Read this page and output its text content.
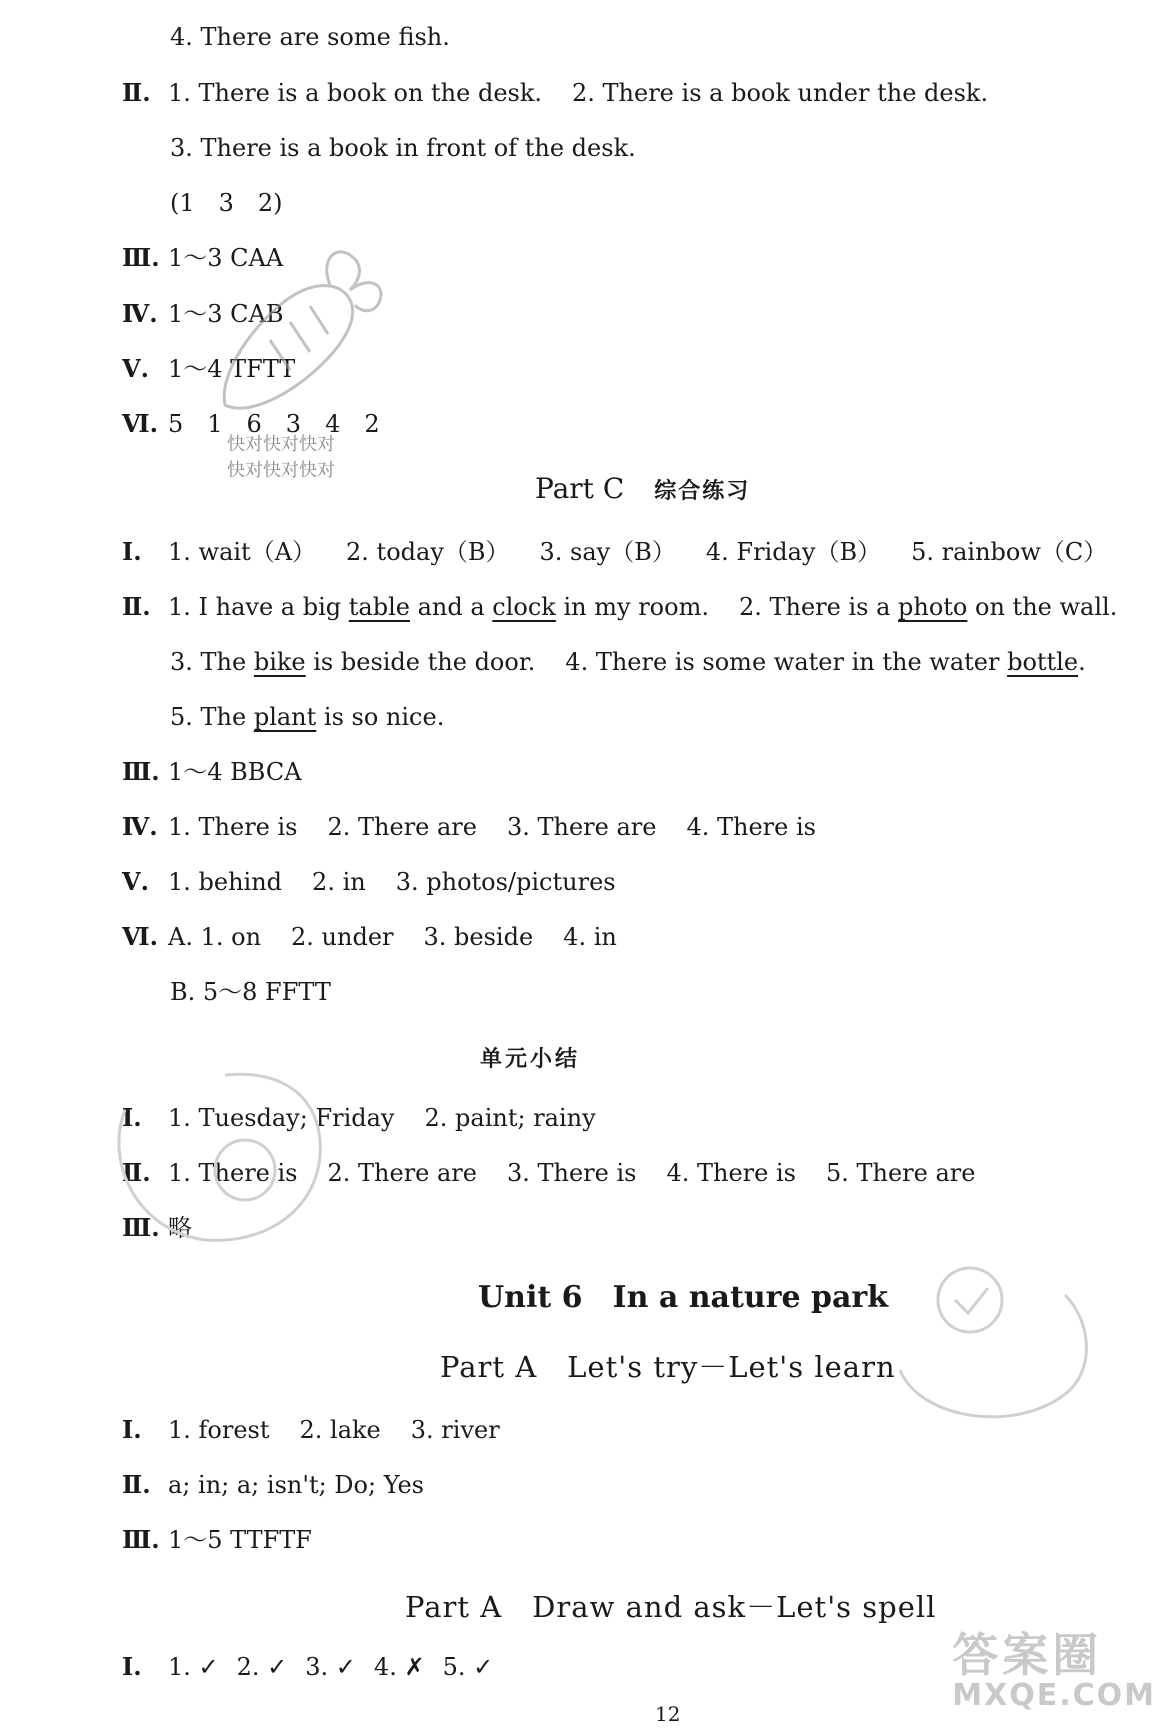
4. There are some fish.
Ⅱ. 1. There is a book on the desk. 2. There is a book under the desk.
3. There is a book in front of the desk.
(1　3　2)
Ⅲ. 1～3 CAA
Ⅳ. 1～3 CAB
Ⅴ. 1～4 TFTT
Ⅵ. 5　1　6　3　4　2
快对快对快对
快对快对快对
Part C 综合练习
Ⅰ. 1. wait（A） 2. today（B） 3. say（B） 4. Friday（B） 5. rainbow（C）
Ⅱ. 1. I have a big table and a clock in my room. 2. There is a photo on the wall.
3. The bike is beside the door. 4. There is some water in the water bottle.
5. The plant is so nice.
Ⅲ. 1～4 BBCA
Ⅳ. 1. There is 2. There are 3. There are 4. There is
Ⅴ. 1. behind 2. in 3. photos/pictures
Ⅵ. A. 1. on 2. under 3. beside 4. in
B. 5～8 FFTT
单元小结
Ⅰ. 1. Tuesday; Friday 2. paint; rainy
Ⅱ. 1. There is 2. There are 3. There is 4. There is 5. There are
Ⅲ. 略
Unit 6　In a nature park
Part A　Let's try－Let's learn
Ⅰ. 1. forest 2. lake 3. river
Ⅱ. a; in; a; isn't; Do; Yes
Ⅲ. 1～5 TTFTF
Part A　Draw and ask－Let's spell
Ⅰ. 1. ✓ 2. ✓ 3. ✓ 4. ✗ 5. ✓
12
答案圈
MXQE.COM
